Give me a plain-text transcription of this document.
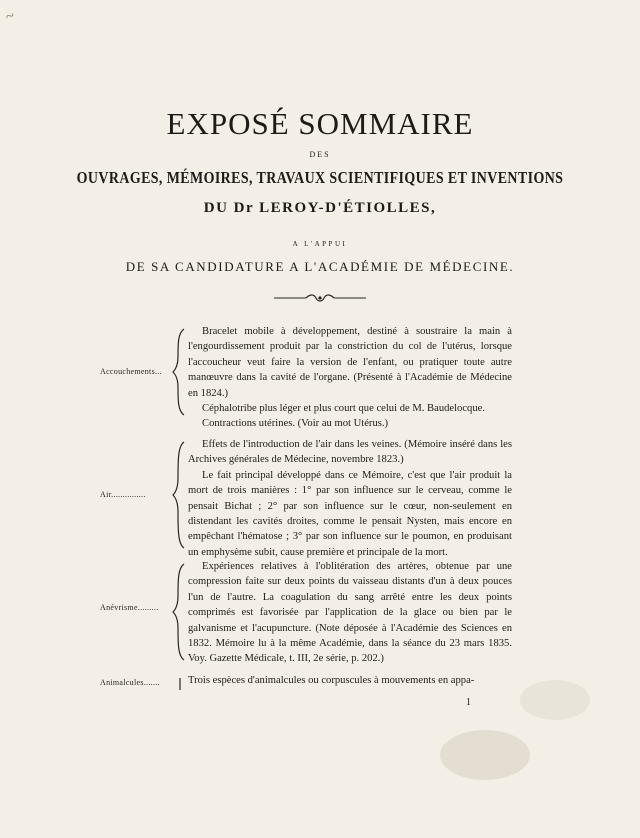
~
EXPOSÉ SOMMAIRE
DES
OUVRAGES, MÉMOIRES, TRAVAUX SCIENTIFIQUES ET INVENTIONS
DU Dr LEROY-D'ÉTIOLLES,
A L'APPUI
DE SA CANDIDATURE A L'ACADÉMIE DE MÉDECINE.
Accouchements...

Bracelet mobile à développement, destiné à soustraire la main à l'engourdissement produit par la constriction du col de l'utérus, lorsque l'accoucheur veut faire la version de l'enfant, ou pratiquer toute autre manœuvre dans la cavité de l'organe. (Présenté à l'Académie de Médecine en 1824.)

Céphalotribe plus léger et plus court que celui de M. Baudelocque.

Contractions utérines. (Voir au mot Utérus.)

Air...............

Effets de l'introduction de l'air dans les veines. (Mémoire inséré dans les Archives générales de Médecine, novembre 1823.)

Le fait principal développé dans ce Mémoire, c'est que l'air produit la mort de trois manières : 1° par son influence sur le cerveau, comme le pensait Bichat ; 2° par son influence sur le cœur, non-seulement en distendant les cavités droites, comme le pensait Nysten, mais encore en empêchant l'hématose ; 3° par son influence sur le poumon, en produisant un emphysème subit, cause première et principale de la mort.

Anévrisme.........

Expériences relatives à l'oblitération des artères, obtenue par une compression faite sur deux points du vaisseau distants d'un à deux pouces l'un de l'autre. La coagulation du sang arrêté entre les deux points comprimés est favorisée par l'application de la glace ou bien par le galvanisme et l'acupuncture. (Note déposée à l'Académie des Sciences en 1832. Mémoire lu à la même Académie, dans la séance du 23 mars 1835. Voy. Gazette Médicale, t. III, 2e série, p. 202.)

Animalcules.......	Trois espèces d'animalcules ou corpuscules à mouvements en appa-

1
